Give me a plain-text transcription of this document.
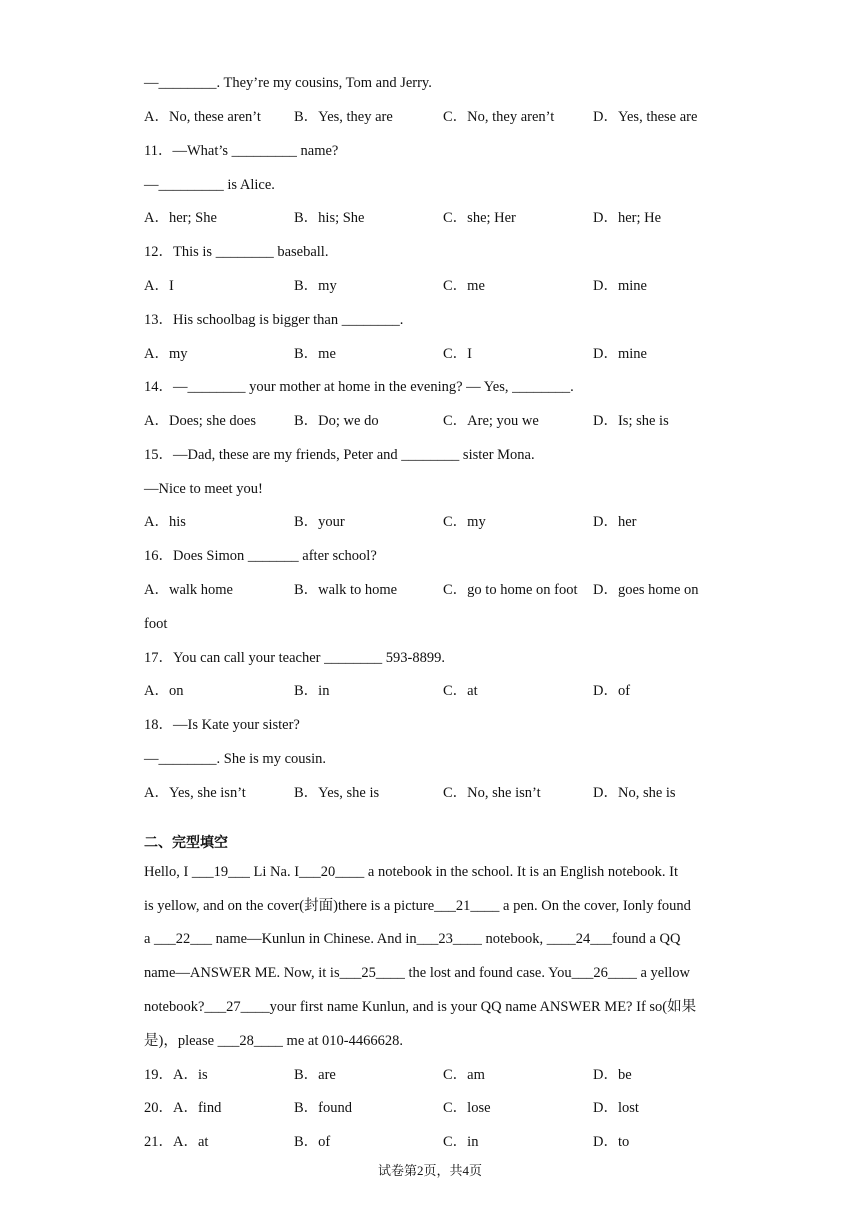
—________. They’re my cousins, Tom and Jerry.
A．No, these aren’t B．Yes, they are	C．No, they aren’t	D．Yes, these are
11．—What’s _________ name?
—_________ is Alice.
A．her; She	B．his; She	C．she; Her	D．her; He
12．This is ________ baseball.
A．I	B．my	C．me	D．mine
13．His schoolbag is bigger than ________.
A．my	B．me	C．I	D．mine
14．—________ your mother at home in the evening? — Yes, ________.
A．Does; she does	B．Do; we do	C．Are; you we	D．Is; she is
15．—Dad, these are my friends, Peter and ________ sister Mona.
—Nice to meet you!
A．his	B．your	C．my	D．her
16．Does Simon _______ after school?
A．walk home	B．walk to home	C．go to home on foot D．goes home on
foot
17．You can call your teacher ________ 593-8899.
A．on	B．in	C．at	D．of
18．—Is Kate your sister?
—________. She is my cousin.
A．Yes, she isn’t	B．Yes, she is	C．No, she isn’t	D．No, she is
二、完型填空
Hello, I ___19___ Li Na. I___20____ a notebook in the school. It is an English notebook. It
is yellow, and on the cover(封面)there is a picture___21____ a pen. On the cover, Ionly found
a ___22___ name—Kunlun in Chinese. And in___23____ notebook, ____24___found a QQ
name—ANSWER ME. Now, it is___25____ the lost and found case. You___26____ a yellow
notebook?___27____your first name Kunlun, and is your QQ name ANSWER ME? If so(如果
是)，please ___28____ me at 010-4466628.
19．A．is	B．are	C．am	D．be
20．A．find	B．found	C．lose	D．lost
21．A．at	B．of	C．in	D．to
试卷第2页，共4页
